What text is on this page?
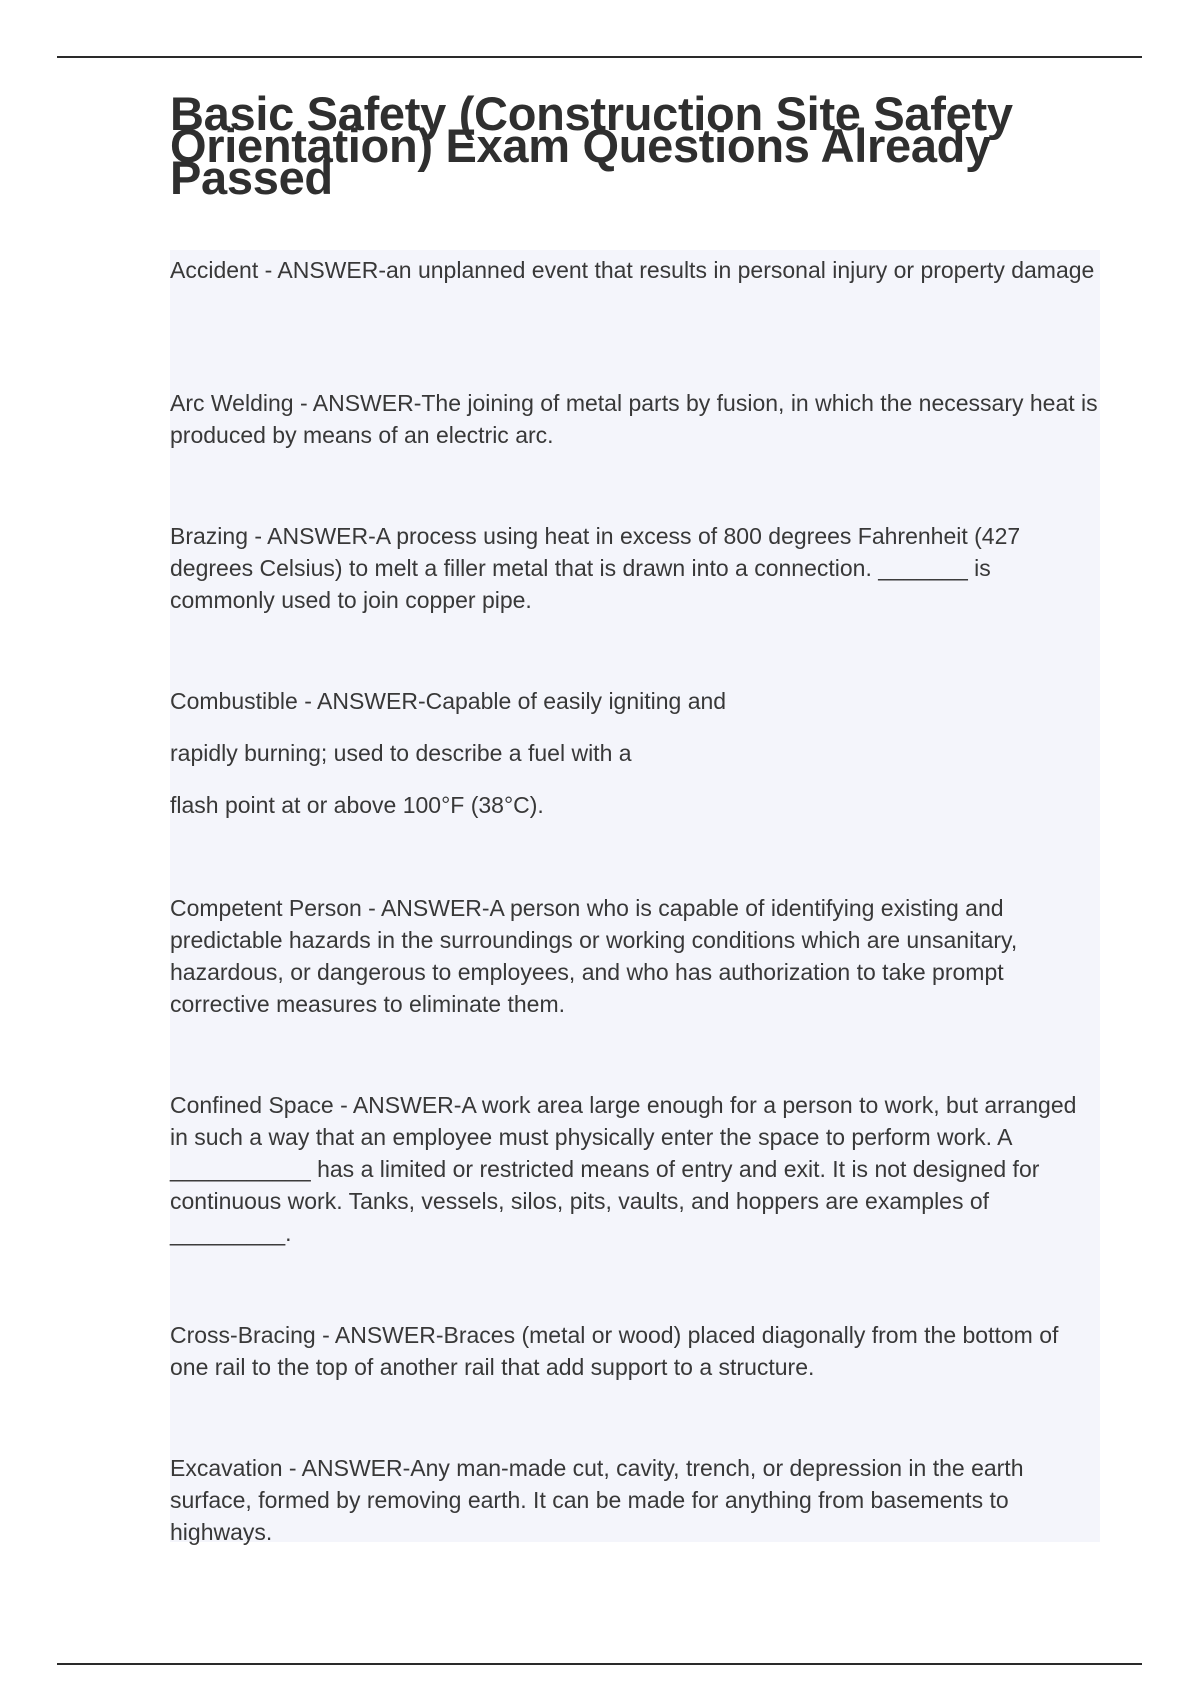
Basic Safety (Construction Site Safety Orientation) Exam Questions Already Passed

Accident - ANSWER-an unplanned event that results in personal injury or property damage

Arc Welding - ANSWER-The joining of metal parts by fusion, in which the necessary heat is produced by means of an electric arc.

Brazing - ANSWER-A process using heat in excess of 800 degrees Fahrenheit (427 degrees Celsius) to melt a filler metal that is drawn into a connection. _______ is commonly used to join copper pipe.

Combustible - ANSWER-Capable of easily igniting and

rapidly burning; used to describe a fuel with a

flash point at or above 100°F (38°C).

Competent Person - ANSWER-A person who is capable of identifying existing and predictable hazards in the surroundings or working conditions which are unsanitary, hazardous, or dangerous to employees, and who has authorization to take prompt corrective measures to eliminate them.

Confined Space - ANSWER-A work area large enough for a person to work, but arranged in such a way that an employee must physically enter the space to perform work. A ___________ has a limited or restricted means of entry and exit. It is not designed for continuous work. Tanks, vessels, silos, pits, vaults, and hoppers are examples of _________.

Cross-Bracing - ANSWER-Braces (metal or wood) placed diagonally from the bottom of one rail to the top of another rail that add support to a structure.

Excavation - ANSWER-Any man-made cut, cavity, trench, or depression in the earth surface, formed by removing earth. It can be made for anything from basements to highways.
